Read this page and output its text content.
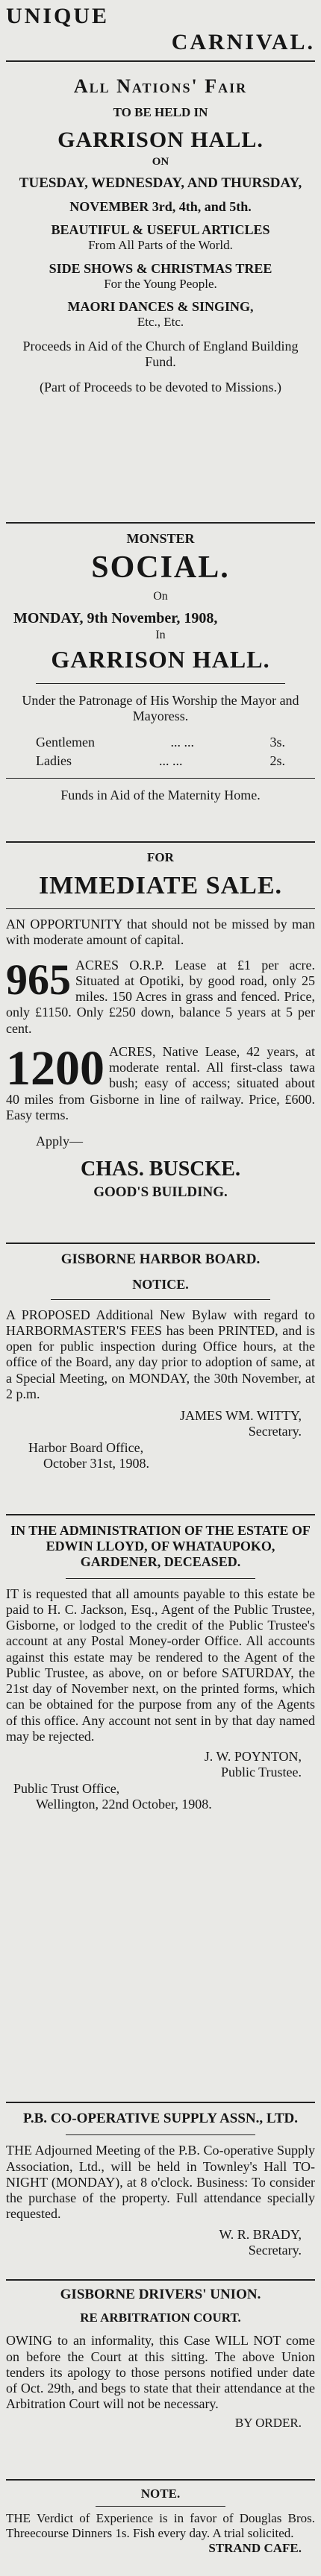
UNIQUE

CARNIVAL.

All Nations' Fair

TO BE HELD IN

GARRISON HALL.

ON

TUESDAY, WEDNESDAY, AND THURSDAY,

NOVEMBER 3rd, 4th, and 5th.

BEAUTIFUL & USEFUL ARTICLES

From All Parts of the World.

SIDE SHOWS & CHRISTMAS TREE

For the Young People.

MAORI DANCES & SINGING,

Etc., Etc.

Proceeds in Aid of the Church of England Building Fund.

(Part of Proceeds to be devoted to Missions.)

MONSTER

SOCIAL.

On

MONDAY, 9th November, 1908,

In

GARRISON HALL.

Under the Patronage of His Worship the Mayor and Mayoress.

Gentlemen	... ...	3s.
Ladies	... ...	2s.

Funds in Aid of the Maternity Home.

FOR

IMMEDIATE SALE.

AN OPPORTUNITY that should not be missed by man with moderate amount of capital.

965 ACRES O.R.P. Lease at £1 per acre. Situated at Opotiki, by good road, only 25 miles. 150 Acres in grass and fenced. Price, only £1150. Only £250 down, balance 5 years at 5 per cent.

1200 ACRES, Native Lease, 42 years, at moderate rental. All first-class tawa bush; easy of access; situated about 40 miles from Gisborne in line of railway. Price, £600. Easy terms.

Apply—

CHAS. BUSCKE.

GOOD'S BUILDING.

GISBORNE HARBOR BOARD.

NOTICE.

A PROPOSED Additional New Bylaw with regard to HARBORMASTER'S FEES has been PRINTED, and is open for public inspection during Office hours, at the office of the Board, any day prior to adoption of same, at a Special Meeting, on MONDAY, the 30th November, at 2 p.m.

JAMES WM. WITTY,

Secretary.

Harbor Board Office,

October 31st, 1908.

IN THE ADMINISTRATION OF THE ESTATE OF EDWIN LLOYD, OF WHATAUPOKO, GARDENER, DECEASED.

IT is requested that all amounts payable to this estate be paid to H. C. Jackson, Esq., Agent of the Public Trustee, Gisborne, or lodged to the credit of the Public Trustee's account at any Postal Money-order Office. All accounts against this estate may be rendered to the Agent of the Public Trustee, as above, on or before SATURDAY, the 21st day of November next, on the printed forms, which can be obtained for the purpose from any of the Agents of this office. Any account not sent in by that day named may be rejected.

J. W. POYNTON,

Public Trustee.

Public Trust Office,

Wellington, 22nd October, 1908.

P.B. CO-OPERATIVE SUPPLY ASSN., LTD.

THE Adjourned Meeting of the P.B. Co-operative Supply Association, Ltd., will be held in Townley's Hall TO-NIGHT (MONDAY), at 8 o'clock. Business: To consider the purchase of the property. Full attendance specially requested.

W. R. BRADY,

Secretary.

GISBORNE DRIVERS' UNION.

RE ARBITRATION COURT.

OWING to an informality, this Case WILL NOT come on before the Court at this sitting. The above Union tenders its apology to those persons notified under date of Oct. 29th, and begs to state that their attendance at the Arbitration Court will not be necessary.

BY ORDER.

NOTE.

THE Verdict of Experience is in favor of Douglas Bros. Threecourse Dinners 1s. Fish every day. A trial solicited.

STRAND CAFE.
